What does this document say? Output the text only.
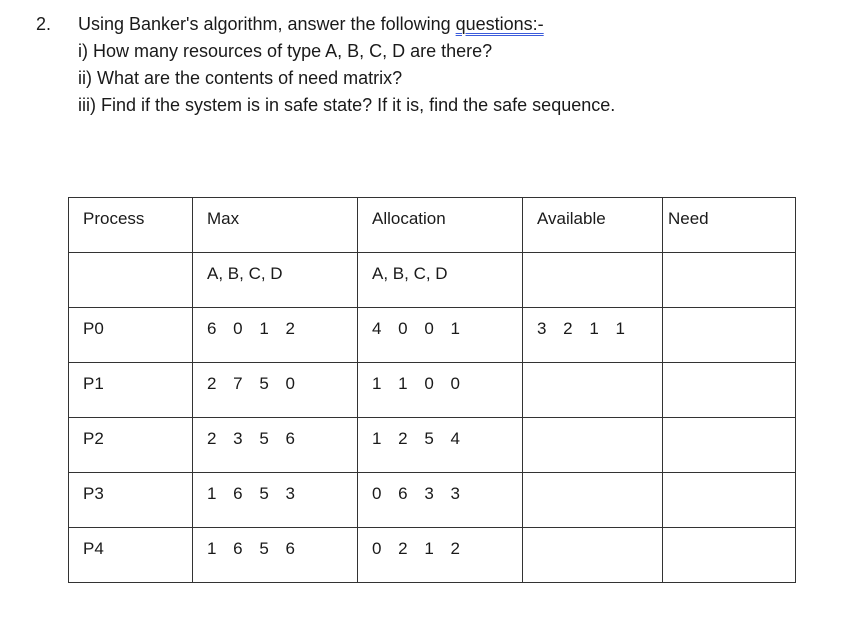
2. Using Banker's algorithm, answer the following questions:-
i) How many resources of type A, B, C, D are there?
ii) What are the contents of need matrix?
iii) Find if the system is in safe state? If it is, find the safe sequence.
Process	Max	Allocation	Available	Need
	A, B, C, D	A, B, C, D		
P0	6 0 1 2	4 0 0 1	3 2 1 1	
P1	2 7 5 0	1 1 0 0		
P2	2 3 5 6	1 2 5 4		
P3	1 6 5 3	0 6 3 3		
P4	1 6 5 6	0 2 1 2		
